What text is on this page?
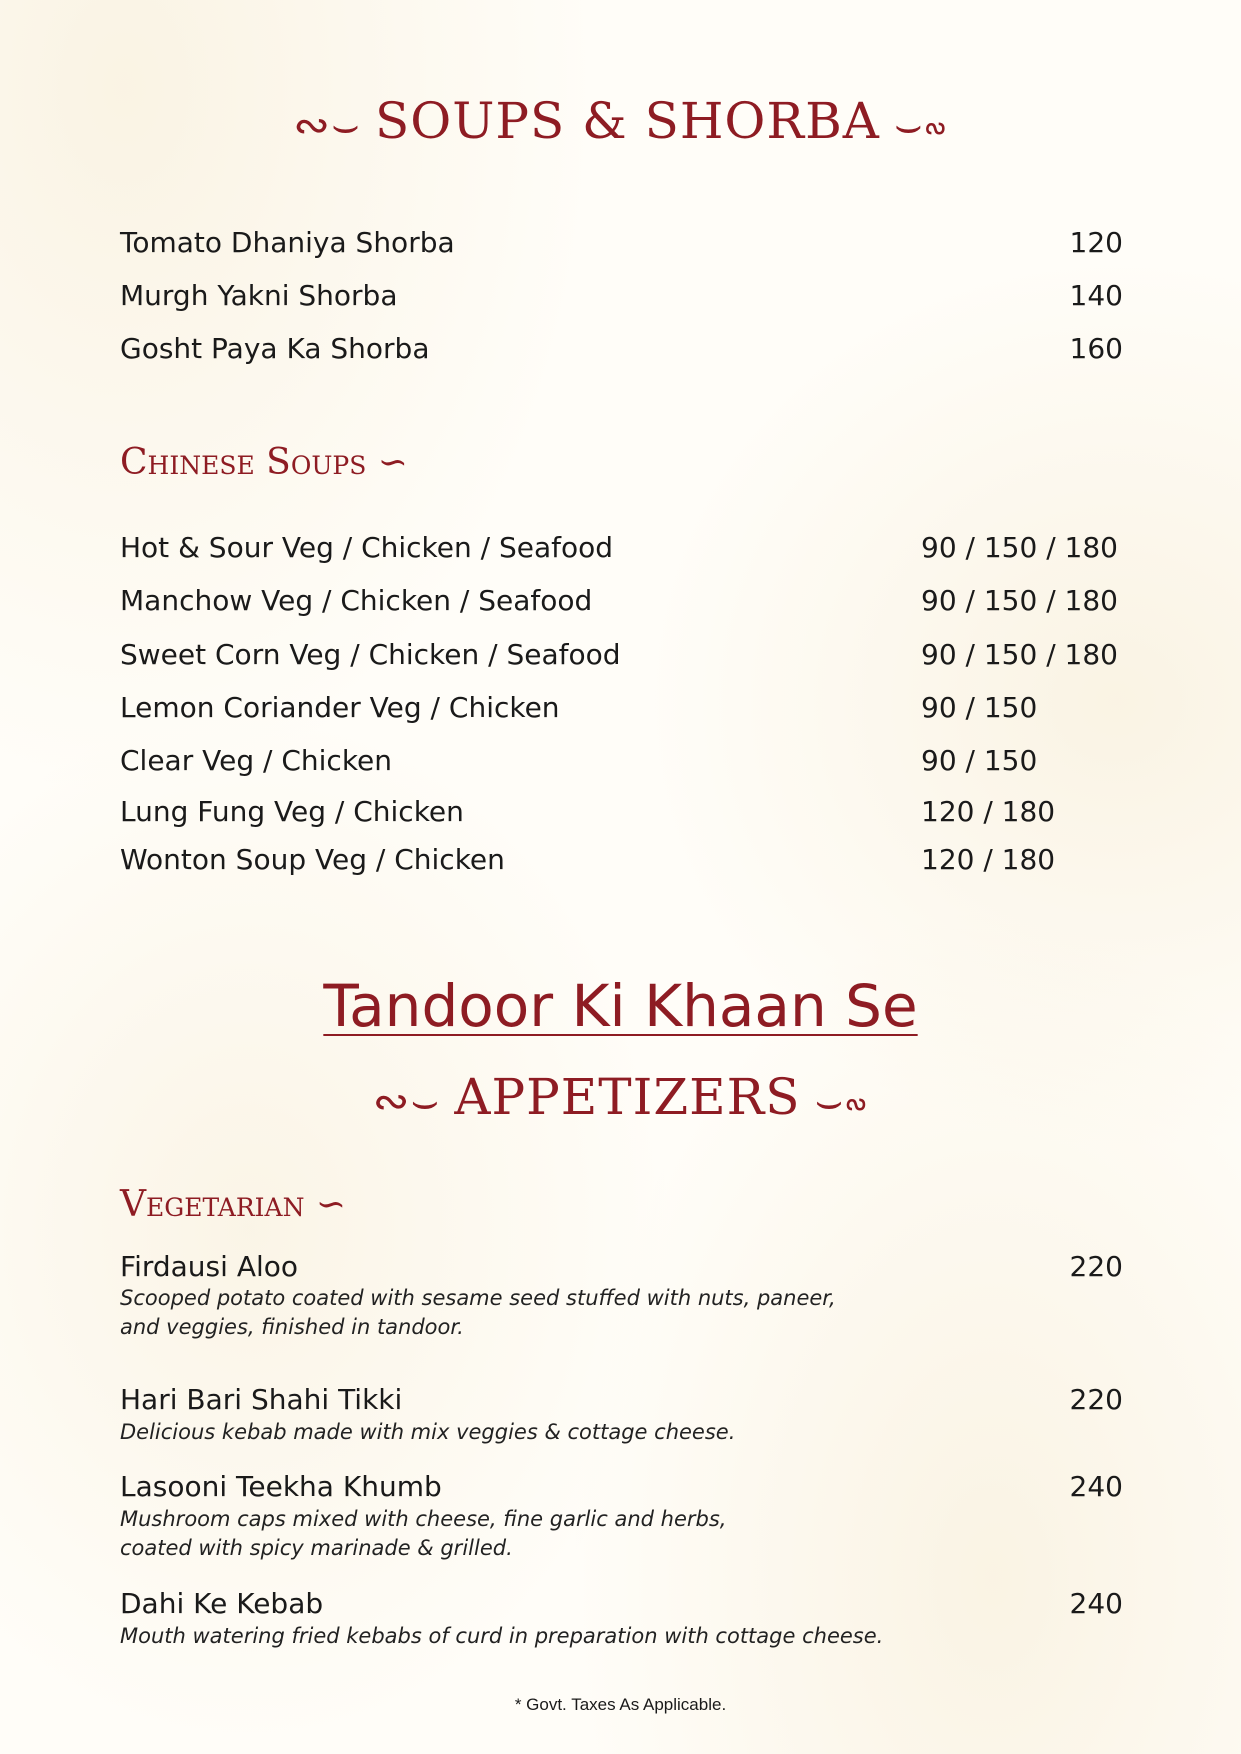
∾⌣ SOUPS & SHORBA ⌣∾
Tomato Dhaniya Shorba	120
Murgh Yakni Shorba	140
Gosht Paya Ka Shorba	160
Chinese Soups ∽
Hot & Sour Veg / Chicken / Seafood	90 / 150 / 180
Manchow Veg / Chicken / Seafood	90 / 150 / 180
Sweet Corn Veg / Chicken / Seafood	90 / 150 / 180
Lemon Coriander Veg / Chicken	90 / 150
Clear Veg / Chicken	90 / 150
Lung Fung Veg / Chicken	120 / 180
Wonton Soup Veg / Chicken	120 / 180
Tandoor Ki Khaan Se
∾⌣ APPETIZERS ⌣∾
Vegetarian ∽
Firdausi Aloo	220
Scooped potato coated with sesame seed stuffed with nuts, paneer,
and veggies, finished in tandoor.
Hari Bari Shahi Tikki	220
Delicious kebab made with mix veggies & cottage cheese.
Lasooni Teekha Khumb	240
Mushroom caps mixed with cheese, fine garlic and herbs,
coated with spicy marinade & grilled.
Dahi Ke Kebab	240
Mouth watering fried kebabs of curd in preparation with cottage cheese.
* Govt. Taxes As Applicable.
